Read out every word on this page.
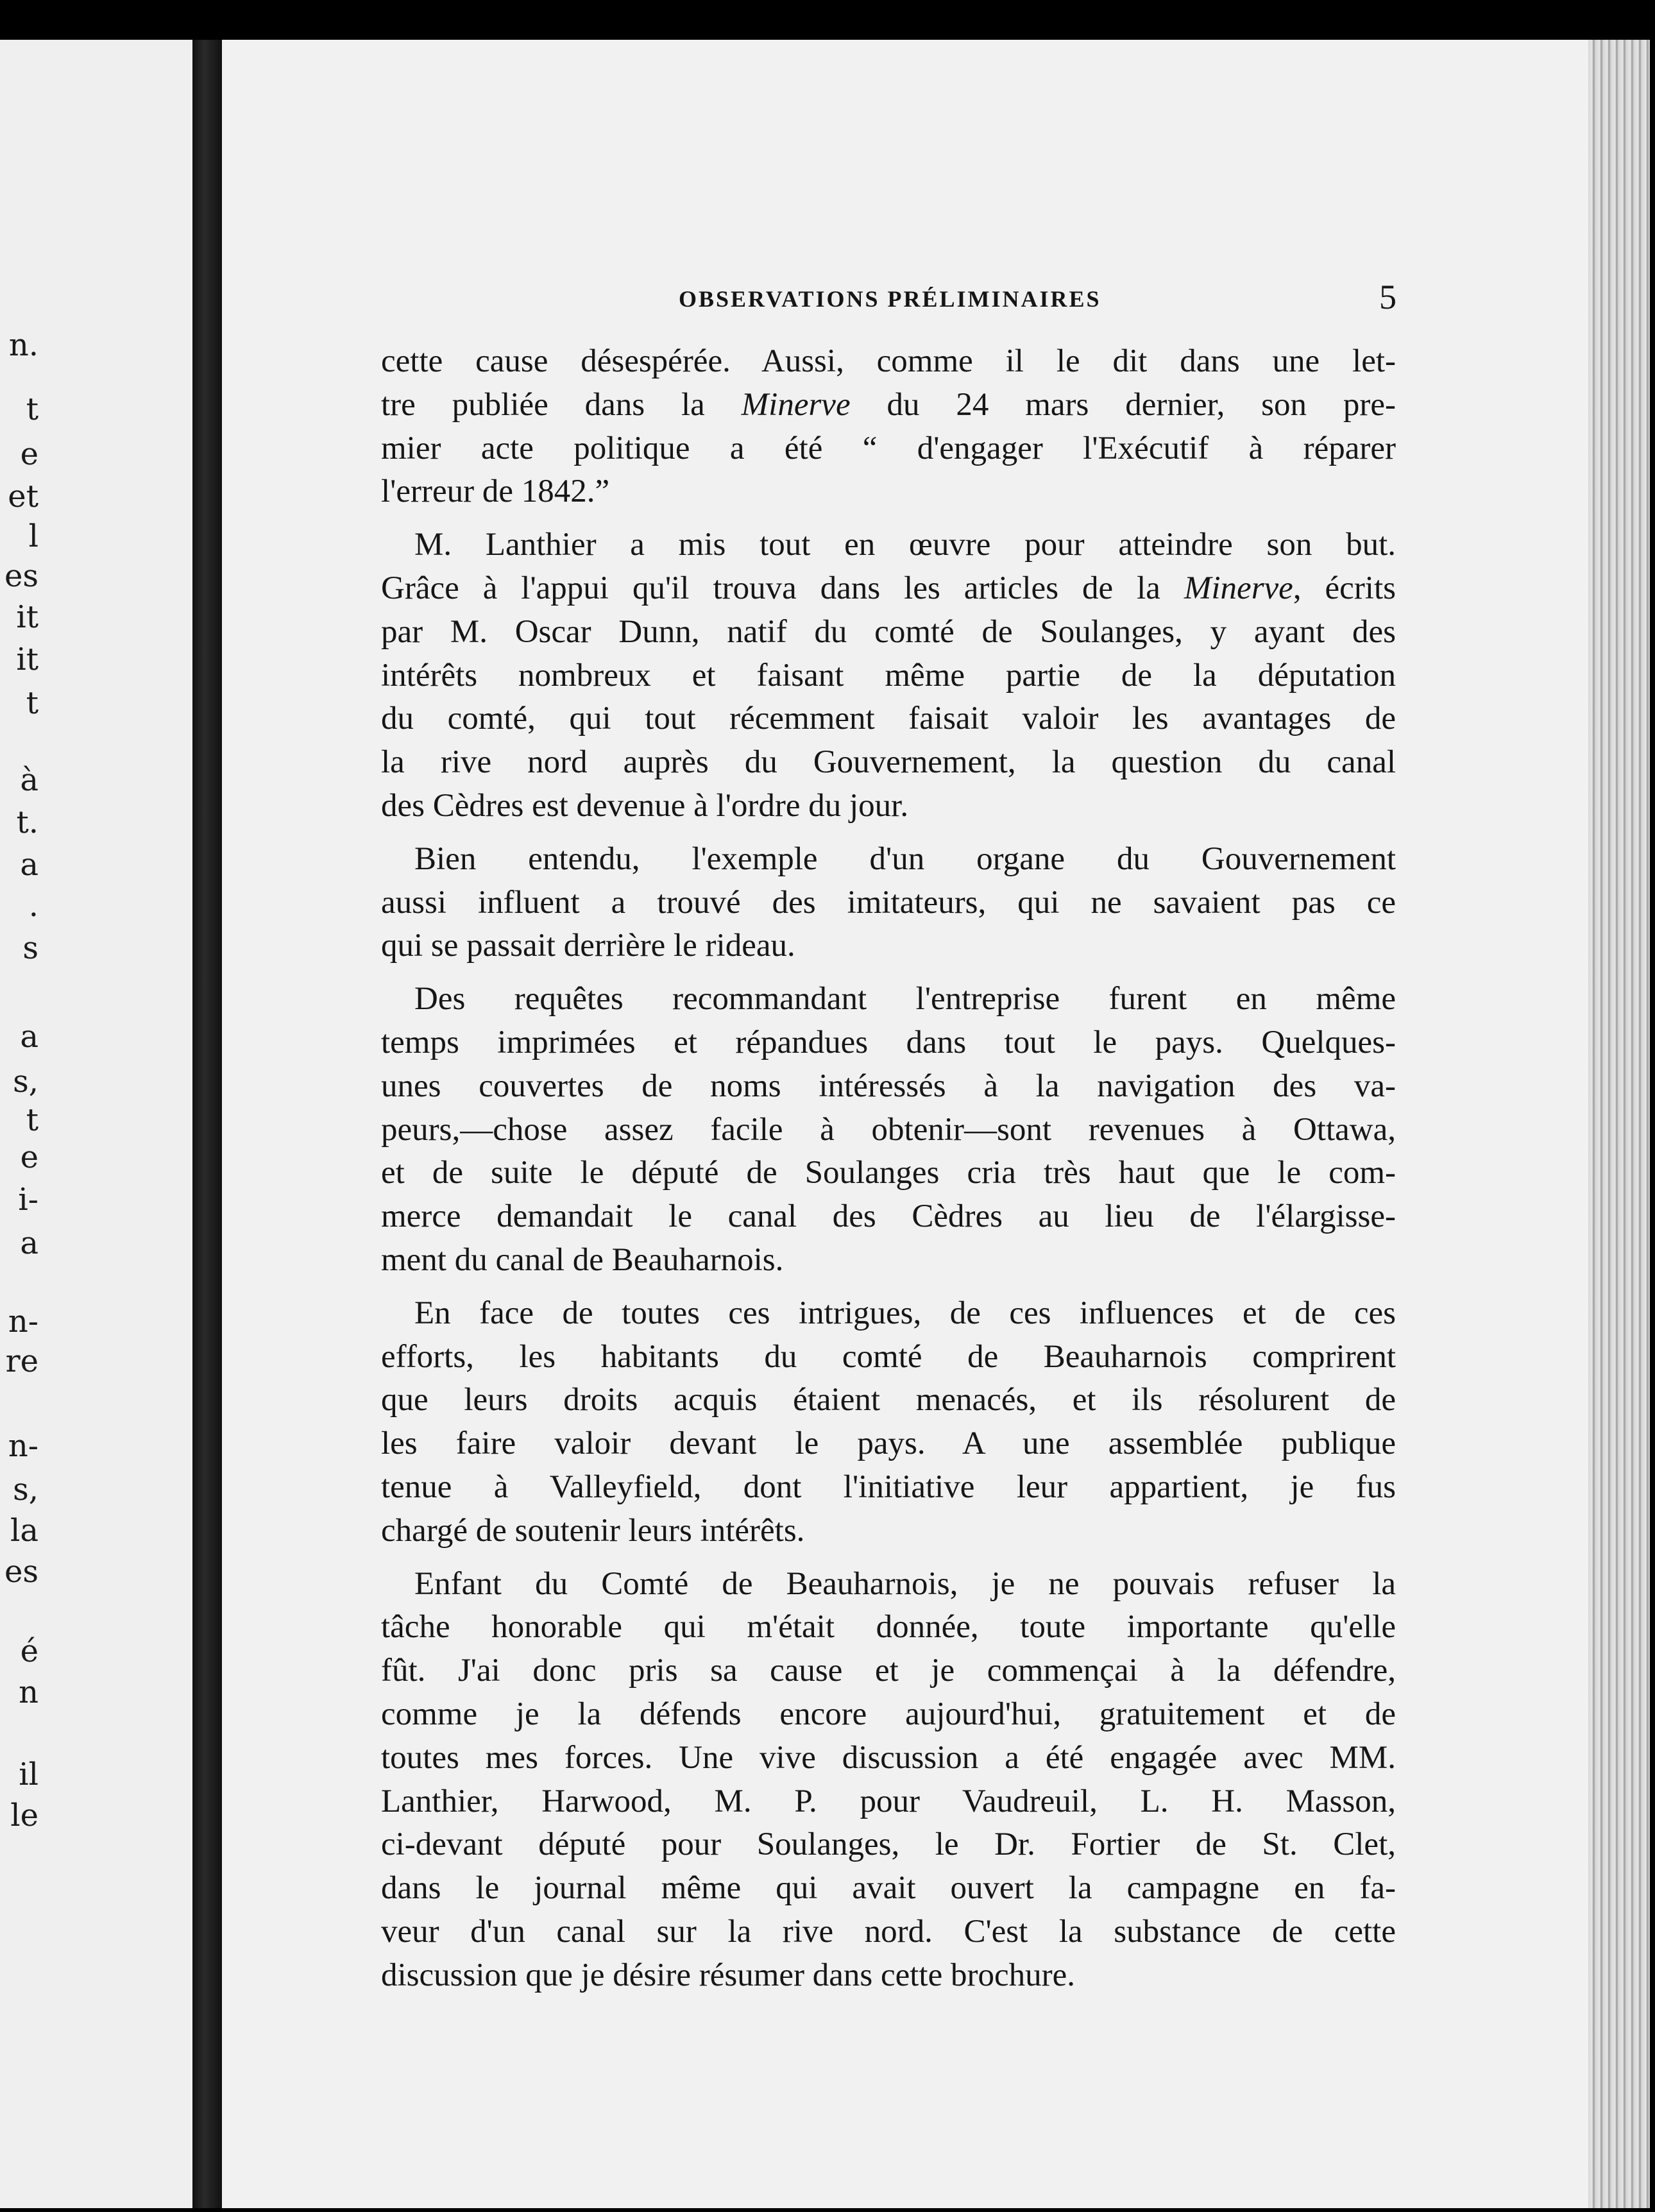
n.
t
e
et
l
es
it
it
t
à
t.
a
.
s
a
s,
t
e
i-
a
n-
re
n-
s,
la
es
é
n
il
le
OBSERVATIONS PRÉLIMINAIRES	5
cette cause désespérée. Aussi, comme il le dit dans une let-
tre publiée dans la Minerve du 24 mars dernier, son pre-
mier acte politique a été “ d'engager l'Exécutif à réparer
l'erreur de 1842.”
M. Lanthier a mis tout en œuvre pour atteindre son but.
Grâce à l'appui qu'il trouva dans les articles de la Minerve, écrits
par M. Oscar Dunn, natif du comté de Soulanges, y ayant des
intérêts nombreux et faisant même partie de la députation
du comté, qui tout récemment faisait valoir les avantages de
la rive nord auprès du Gouvernement, la question du canal
des Cèdres est devenue à l'ordre du jour.
Bien entendu, l'exemple d'un organe du Gouvernement
aussi influent a trouvé des imitateurs, qui ne savaient pas ce
qui se passait derrière le rideau.
Des requêtes recommandant l'entreprise furent en même
temps imprimées et répandues dans tout le pays. Quelques-
unes couvertes de noms intéressés à la navigation des va-
peurs,—chose assez facile à obtenir—sont revenues à Ottawa,
et de suite le député de Soulanges cria très haut que le com-
merce demandait le canal des Cèdres au lieu de l'élargisse-
ment du canal de Beauharnois.
En face de toutes ces intrigues, de ces influences et de ces
efforts, les habitants du comté de Beauharnois comprirent
que leurs droits acquis étaient menacés, et ils résolurent de
les faire valoir devant le pays. A une assemblée publique
tenue à Valleyfield, dont l'initiative leur appartient, je fus
chargé de soutenir leurs intérêts.
Enfant du Comté de Beauharnois, je ne pouvais refuser la
tâche honorable qui m'était donnée, toute importante qu'elle
fût. J'ai donc pris sa cause et je commençai à la défendre,
comme je la défends encore aujourd'hui, gratuitement et de
toutes mes forces. Une vive discussion a été engagée avec MM.
Lanthier, Harwood, M. P. pour Vaudreuil, L. H. Masson,
ci-devant député pour Soulanges, le Dr. Fortier de St. Clet,
dans le journal même qui avait ouvert la campagne en fa-
veur d'un canal sur la rive nord. C'est la substance de cette
discussion que je désire résumer dans cette brochure.
